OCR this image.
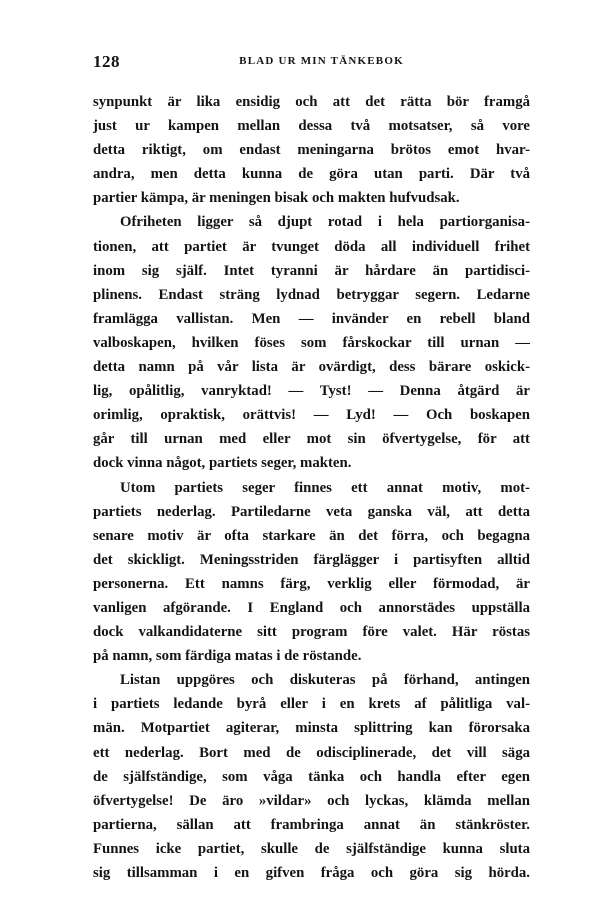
128	BLAD UR MIN TÄNKEBOK
synpunkt är lika ensidig och att det rätta bör framgå
just ur kampen mellan dessa två motsatser, så vore
detta riktigt, om endast meningarna brötos emot hvar-
andra, men detta kunna de göra utan parti. Där två
partier kämpa, är meningen bisak och makten hufvudsak.
Ofriheten ligger så djupt rotad i hela partiorganisa-
tionen, att partiet är tvunget döda all individuell frihet
inom sig själf. Intet tyranni är hårdare än partidisci-
plinens. Endast sträng lydnad betryggar segern. Ledarne
framlägga vallistan. Men — invänder en rebell bland
valboskapen, hvilken föses som fårskockar till urnan —
detta namn på vår lista är ovärdigt, dess bärare oskick-
lig, opålitlig, vanryktad! — Tyst! — Denna åtgärd är
orimlig, opraktisk, orättvis! — Lyd! — Och boskapen
går till urnan med eller mot sin öfvertygelse, för att
dock vinna något, partiets seger, makten.
Utom partiets seger finnes ett annat motiv, mot-
partiets nederlag. Partiledarne veta ganska väl, att detta
senare motiv är ofta starkare än det förra, och begagna
det skickligt. Meningsstriden färglägger i partisyften alltid
personerna. Ett namns färg, verklig eller förmodad, är
vanligen afgörande. I England och annorstädes uppställa
dock valkandidaterne sitt program före valet. Här röstas
på namn, som färdiga matas i de röstande.
Listan uppgöres och diskuteras på förhand, antingen
i partiets ledande byrå eller i en krets af pålitliga val-
män. Motpartiet agiterar, minsta splittring kan förorsaka
ett nederlag. Bort med de odisciplinerade, det vill säga
de själfständige, som våga tänka och handla efter egen
öfvertygelse! De äro »vildar» och lyckas, klämda mellan
partierna, sällan att frambringa annat än stänkröster.
Funnes icke partiet, skulle de själfständige kunna sluta
sig tillsamman i en gifven fråga och göra sig hörda.
